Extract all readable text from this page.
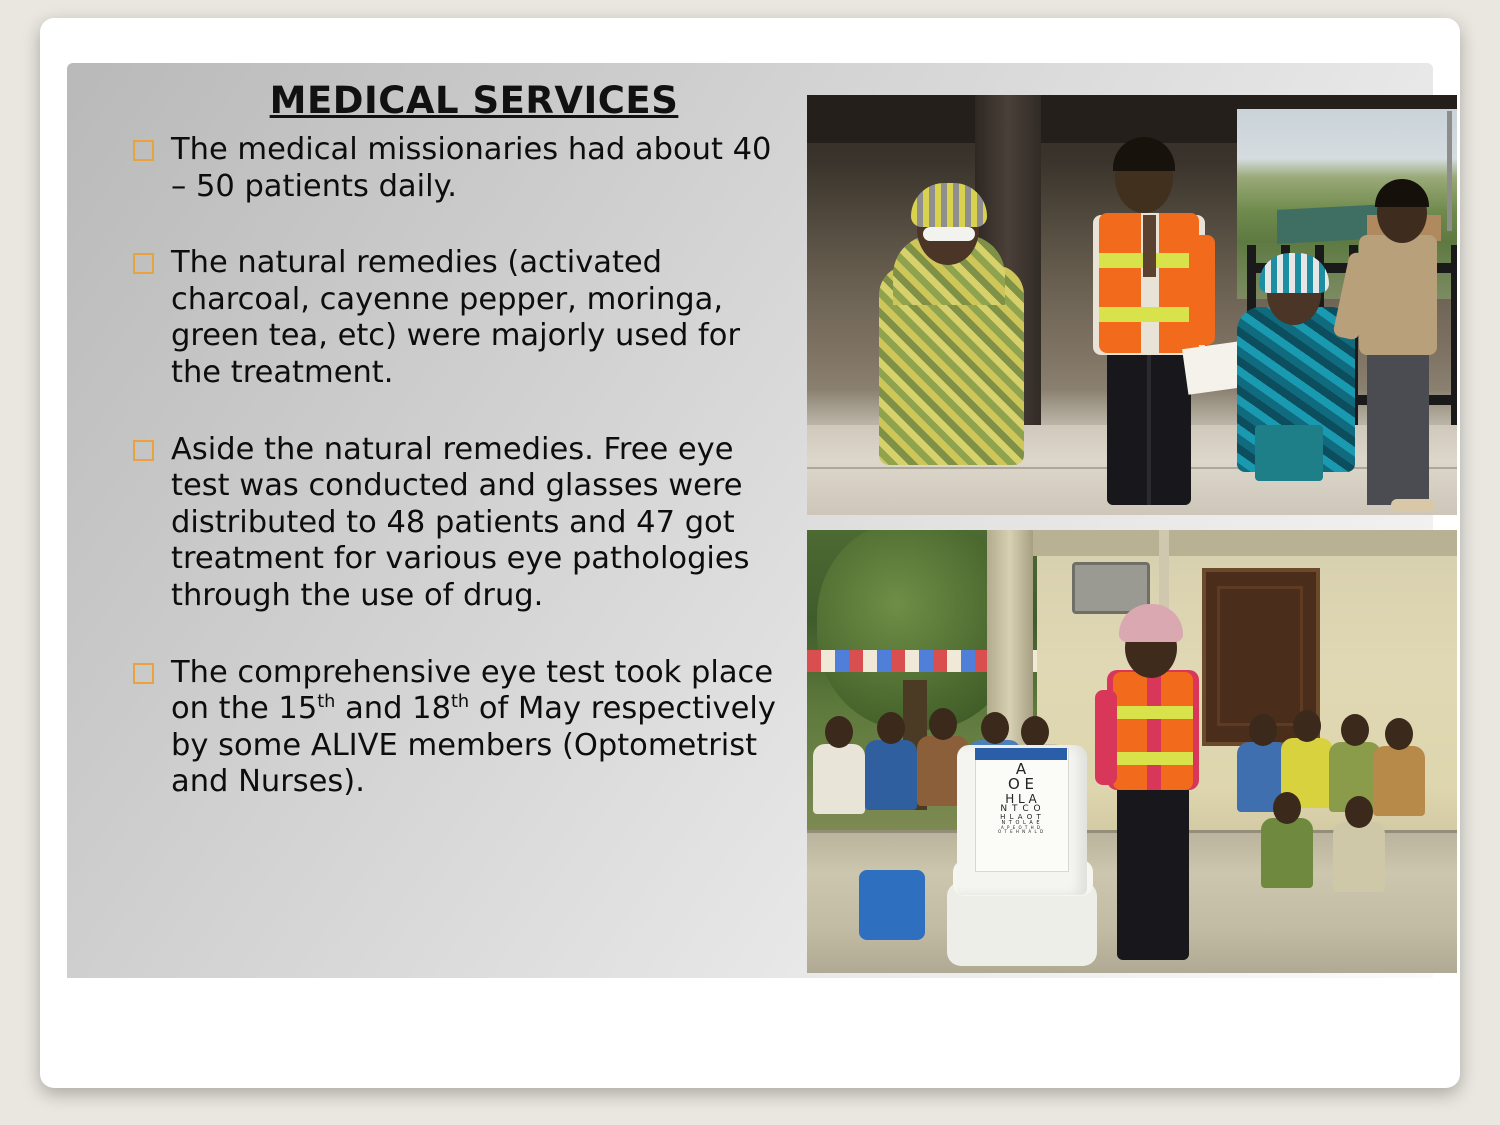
MEDICAL SERVICES
The medical missionaries had about 40 – 50 patients daily.
The natural remedies (activated charcoal, cayenne pepper, moringa, green tea, etc) were majorly used for the treatment.
Aside the natural remedies. Free eye test was conducted and glasses were distributed to 48 patients and 47 got treatment for various eye pathologies through the use of drug.
The comprehensive eye test took place on the 15th and 18th of May respectively by some ALIVE members (Optometrist and Nurses).	A
O E
H L A
N T C O
H L A O T
N T O L A E
A P E O T H D
O T E H N A L D
